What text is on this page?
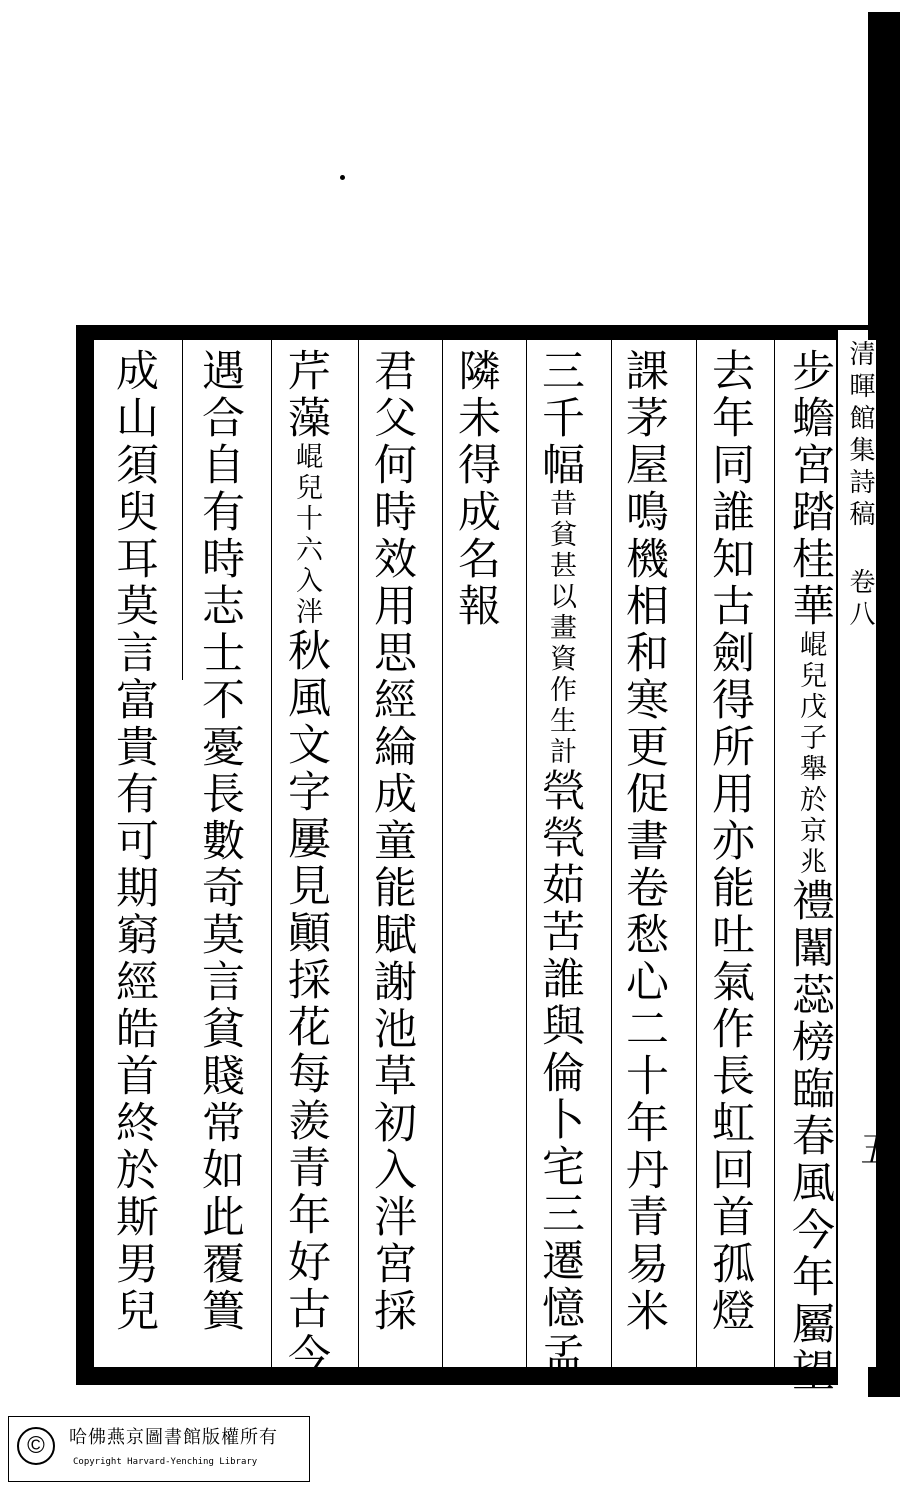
步蟾宮踏桂華崐兒戊子舉於京兆禮闈蕊榜臨春風今年屬望
去年同誰知古劍得所用亦能吐氣作長虹回首孤燈
課茅屋鳴機相和寒更促書卷愁心二十年丹青易米
三千幅昔貧甚以畫資作生計煢煢茹苦誰與倫卜宅三遷憶孟
隣未得成名報
君父何時效用思經綸成童能賦謝池草初入泮宮採
芹藻崐兒十六入泮秋風文字屢見顚採花每羨青年好古今
遇合自有時志士不憂長數奇莫言貧賤常如此覆簣
成山須臾耳莫言富貴有可期窮經皓首終於斯男兒	清暉館集詩稿 卷八
五
©	哈佛燕京圖書館版權所有
Copyright Harvard-Yenching Library
